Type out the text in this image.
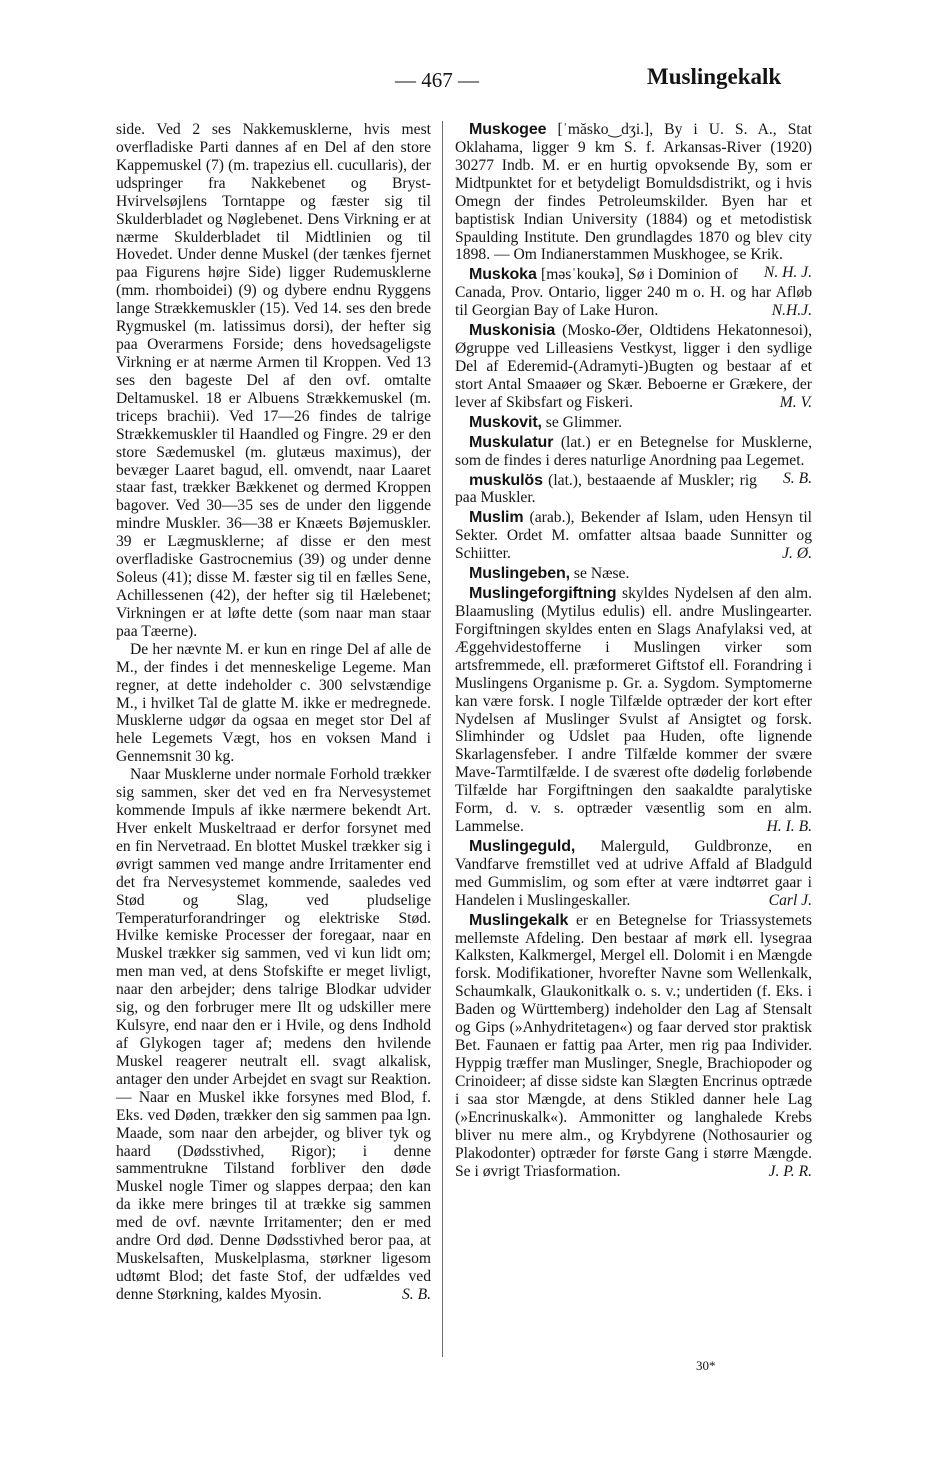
— 467 —	Muslingekalk

side. Ved 2 ses Nakkemusklerne, hvis mest overfladiske Parti dannes af en Del af den store Kappemuskel (7) (m. trapezius ell. cucullaris), der udspringer fra Nakkebenet og Bryst-Hvirvelsøjlens Torntappe og fæster sig til Skulderbladet og Nøglebenet. Dens Virkning er at nærme Skulderbladet til Midtlinien og til Hovedet. Under denne Muskel (der tænkes fjernet paa Figurens højre Side) ligger Rudemusklerne (mm. rhomboidei) (9) og dybere endnu Ryggens lange Strækkemuskler (15). Ved 14. ses den brede Rygmuskel (m. latissimus dorsi), der hefter sig paa Overarmens Forside; dens hovedsageligste Virkning er at nærme Armen til Kroppen. Ved 13 ses den bageste Del af den ovf. omtalte Deltamuskel. 18 er Albuens Strækkemuskel (m. triceps brachii). Ved 17—26 findes de talrige Strækkemuskler til Haandled og Fingre. 29 er den store Sædemuskel (m. glutæus maximus), der bevæger Laaret bagud, ell. omvendt, naar Laaret staar fast, trækker Bækkenet og dermed Kroppen bagover. Ved 30—35 ses de under den liggende mindre Muskler. 36—38 er Knæets Bøjemuskler. 39 er Lægmusklerne; af disse er den mest overfladiske Gastrocnemius (39) og under denne Soleus (41); disse M. fæster sig til en fælles Sene, Achillessenen (42), der hefter sig til Hælebenet; Virkningen er at løfte dette (som naar man staar paa Tæerne).

De her nævnte M. er kun en ringe Del af alle de M., der findes i det menneskelige Legeme. Man regner, at dette indeholder c. 300 selvstændige M., i hvilket Tal de glatte M. ikke er medregnede. Musklerne udgør da ogsaa en meget stor Del af hele Legemets Vægt, hos en voksen Mand i Gennemsnit 30 kg.

Naar Musklerne under normale Forhold trækker sig sammen, sker det ved en fra Nervesystemet kommende Impuls af ikke nærmere bekendt Art. Hver enkelt Muskeltraad er derfor forsynet med en fin Nervetraad. En blottet Muskel trækker sig i øvrigt sammen ved mange andre Irritamenter end det fra Nervesystemet kommende, saaledes ved Stød og Slag, ved pludselige Temperaturforandringer og elektriske Stød. Hvilke kemiske Processer der foregaar, naar en Muskel trækker sig sammen, ved vi kun lidt om; men man ved, at dens Stofskifte er meget livligt, naar den arbejder; dens talrige Blodkar udvider sig, og den forbruger mere Ilt og udskiller mere Kulsyre, end naar den er i Hvile, og dens Indhold af Glykogen tager af; medens den hvilende Muskel reagerer neutralt ell. svagt alkalisk, antager den under Arbejdet en svagt sur Reaktion. — Naar en Muskel ikke forsynes med Blod, f. Eks. ved Døden, trækker den sig sammen paa lgn. Maade, som naar den arbejder, og bliver tyk og haard (Dødsstivhed, Rigor); i denne sammentrukne Tilstand forbliver den døde Muskel nogle Timer og slappes derpaa; den kan da ikke mere bringes til at trække sig sammen med de ovf. nævnte Irritamenter; den er med andre Ord død. Denne Dødsstivhed beror paa, at Muskelsaften, Muskelplasma, størkner ligesom udtømt Blod; det faste Stof, der udfældes ved denne Størkning, kaldes Myosin.	S. B.

Muskogee [ˈmăsko‿dʒi.], By i U. S. A., Stat Oklahama, ligger 9 km S. f. Arkansas-River (1920) 30277 Indb. M. er en hurtig opvoksende By, som er Midtpunktet for et betydeligt Bomuldsdistrikt, og i hvis Omegn der findes Petroleumskilder. Byen har et baptistisk Indian University (1884) og et metodistisk Spaulding Institute. Den grundlagdes 1870 og blev city 1898. — Om Indianerstammen Muskhogee, se Krik.
N. H. J.

Muskoka [məsˈkoukə], Sø i Dominion of Canada, Prov. Ontario, ligger 240 m o. H. og har Afløb til Georgian Bay of Lake Huron.	N.H.J.

Muskonisia (Mosko-Øer, Oldtidens Hekatonnesoi), Øgruppe ved Lilleasiens Vestkyst, ligger i den sydlige Del af Ederemid-(Adramyti-)Bugten og bestaar af et stort Antal Smaaøer og Skær. Beboerne er Grækere, der lever af Skibsfart og Fiskeri.	M. V.

Muskovit, se Glimmer.

Muskulatur (lat.) er en Betegnelse for Musklerne, som de findes i deres naturlige Anordning paa Legemet.
S. B.

muskulös (lat.), bestaaende af Muskler; rig paa Muskler.

Muslim (arab.), Bekender af Islam, uden Hensyn til Sekter. Ordet M. omfatter altsaa baade Sunnitter og Schiitter.	J. Ø.

Muslingeben, se Næse.

Muslingeforgiftning skyldes Nydelsen af den alm. Blaamusling (Mytilus edulis) ell. andre Muslingearter. Forgiftningen skyldes enten en Slags Anafylaksi ved, at Æggehvidestofferne i Muslingen virker som artsfremmede, ell. præformeret Giftstof ell. Forandring i Muslingens Organisme p. Gr. a. Sygdom. Symptomerne kan være forsk. I nogle Tilfælde optræder der kort efter Nydelsen af Muslinger Svulst af Ansigtet og forsk. Slimhinder og Udslet paa Huden, ofte lignende Skarlagensfeber. I andre Tilfælde kommer der svære Mave-Tarmtilfælde. I de sværest ofte dødelig forløbende Tilfælde har Forgiftningen den saakaldte paralytiske Form, d. v. s. optræder væsentlig som en alm. Lammelse.	H. I. B.

Muslingeguld, Malerguld, Guldbronze, en Vandfarve fremstillet ved at udrive Affald af Bladguld med Gummislim, og som efter at være indtørret gaar i Handelen i Muslingeskaller.	Carl J.

Muslingekalk er en Betegnelse for Triassystemets mellemste Afdeling. Den bestaar af mørk ell. lysegraa Kalksten, Kalkmergel, Mergel ell. Dolomit i en Mængde forsk. Modifikationer, hvorefter Navne som Wellenkalk, Schaumkalk, Glaukonitkalk o. s. v.; undertiden (f. Eks. i Baden og Württemberg) indeholder den Lag af Stensalt og Gips (»Anhydritetagen«) og faar derved stor praktisk Bet. Faunaen er fattig paa Arter, men rig paa Individer. Hyppig træffer man Muslinger, Snegle, Brachiopoder og Crinoideer; af disse sidste kan Slægten Encrinus optræde i saa stor Mængde, at dens Stikled danner hele Lag (»Encrinuskalk«). Ammonitter og langhalede Krebs bliver nu mere alm., og Krybdyrene (Nothosaurier og Plakodonter) optræder for første Gang i større Mængde. Se i øvrigt Triasformation.	J. P. R.

30*
